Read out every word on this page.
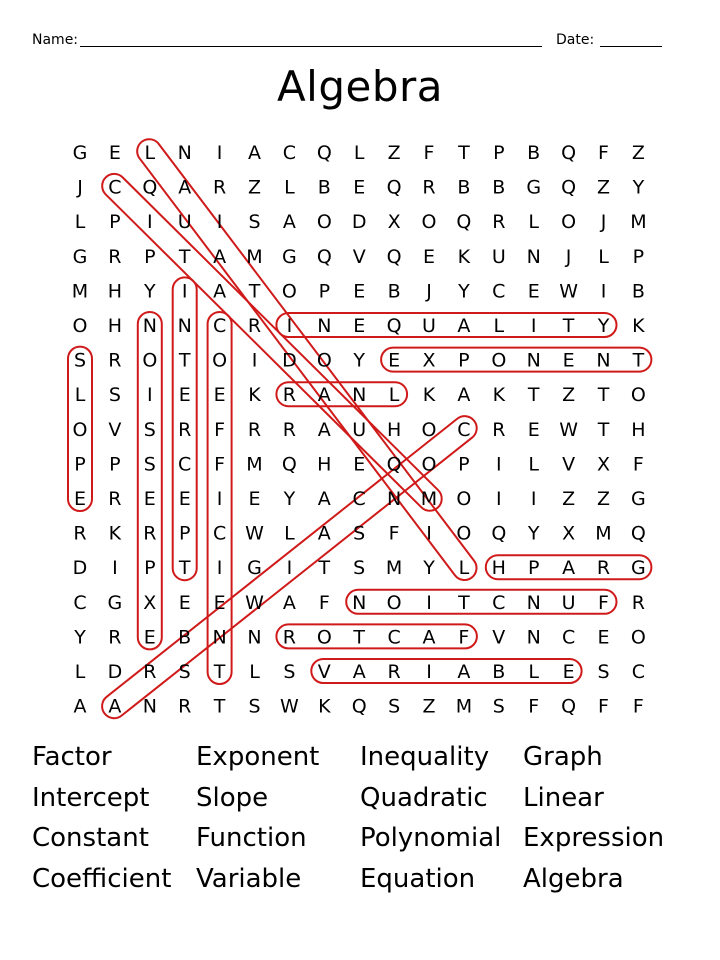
Name:	Date:
Algebra
G E L N I A C Q L Z F T P B Q F Z
J C Q A R Z L B E Q R B B G Q Z Y
L P I U I S A O D X O Q R L O J M
G R P T A M G Q V Q E K U N J L P
M H Y I A T O P E B J Y C E W I B
O H N N C R I N E Q U A L I T Y K
S R O T O I D O Y E X P O N E N T
L S I E E K R A N L K A K T Z T O
O V S R F R R A U H O C R E W T H
P P S C F M Q H E Q O P I L V X F
E R E E I E Y A C N M O I I Z Z G
R K R P C W L A S F I O Q Y X M Q
D I P T I G I T S M Y L H P A R G
C G X E E W A F N O I T C N U F R
Y R E B N N R O T C A F V N C E O
L D R S T L S V A R I A B L E S C
A A N R T S W K Q S Z M S F Q F F
Factor	Exponent Inequality Graph
Intercept Slope	Quadratic Linear
Constant Function Polynomial Expression
Coefficient Variable Equation Algebra
